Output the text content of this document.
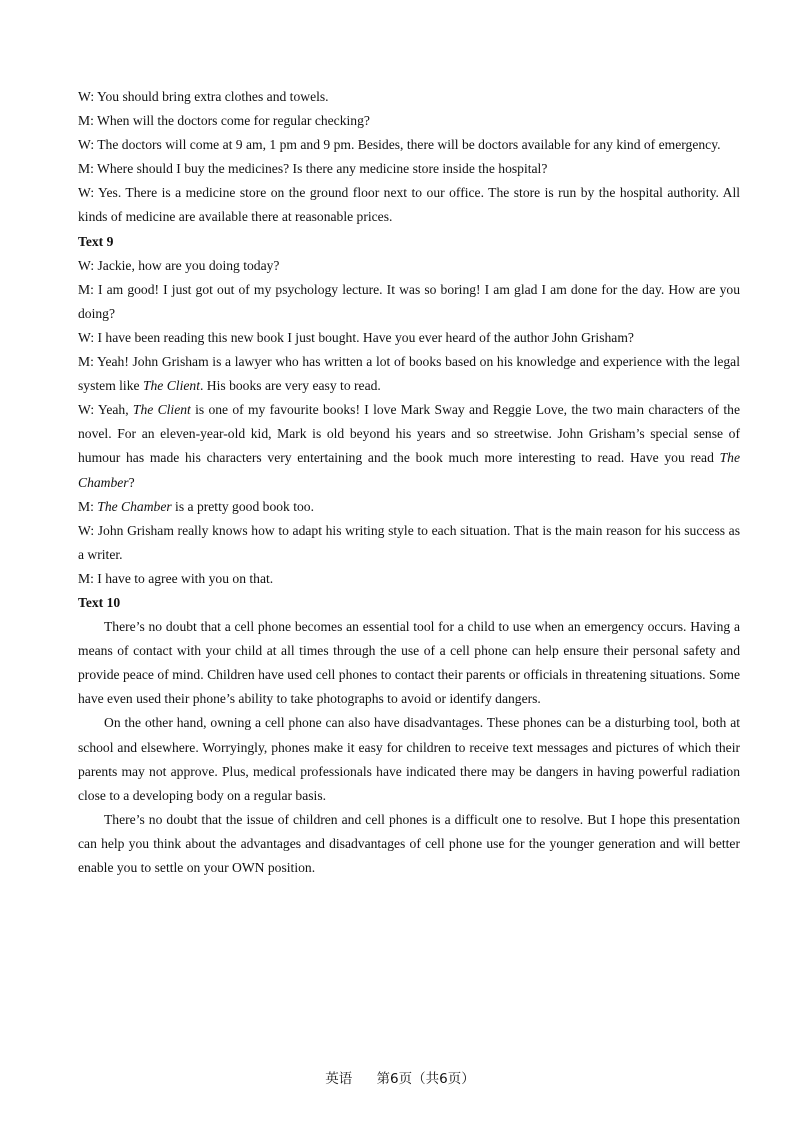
W: You should bring extra clothes and towels.

M: When will the doctors come for regular checking?

W: The doctors will come at 9 am, 1 pm and 9 pm. Besides, there will be doctors available for any kind of emergency.

M: Where should I buy the medicines? Is there any medicine store inside the hospital?

W: Yes. There is a medicine store on the ground floor next to our office. The store is run by the hospital authority. All kinds of medicine are available there at reasonable prices.

Text 9

W: Jackie, how are you doing today?

M: I am good! I just got out of my psychology lecture. It was so boring! I am glad I am done for the day. How are you doing?

W: I have been reading this new book I just bought. Have you ever heard of the author John Grisham?

M: Yeah! John Grisham is a lawyer who has written a lot of books based on his knowledge and experience with the legal system like The Client. His books are very easy to read.

W: Yeah, The Client is one of my favourite books! I love Mark Sway and Reggie Love, the two main characters of the novel. For an eleven-year-old kid, Mark is old beyond his years and so streetwise. John Grisham’s special sense of humour has made his characters very entertaining and the book much more interesting to read. Have you read The Chamber?

M: The Chamber is a pretty good book too.

W: John Grisham really knows how to adapt his writing style to each situation. That is the main reason for his success as a writer.

M: I have to agree with you on that.

Text 10

There’s no doubt that a cell phone becomes an essential tool for a child to use when an emergency occurs. Having a means of contact with your child at all times through the use of a cell phone can help ensure their personal safety and provide peace of mind. Children have used cell phones to contact their parents or officials in threatening situations. Some have even used their phone’s ability to take photographs to avoid or identify dangers.

On the other hand, owning a cell phone can also have disadvantages. These phones can be a disturbing tool, both at school and elsewhere. Worryingly, phones make it easy for children to receive text messages and pictures of which their parents may not approve. Plus, medical professionals have indicated there may be dangers in having powerful radiation close to a developing body on a regular basis.

There’s no doubt that the issue of children and cell phones is a difficult one to resolve. But I hope this presentation can help you think about the advantages and disadvantages of cell phone use for the younger generation and will better enable you to settle on your OWN position.

英语 第6页（共6页）
